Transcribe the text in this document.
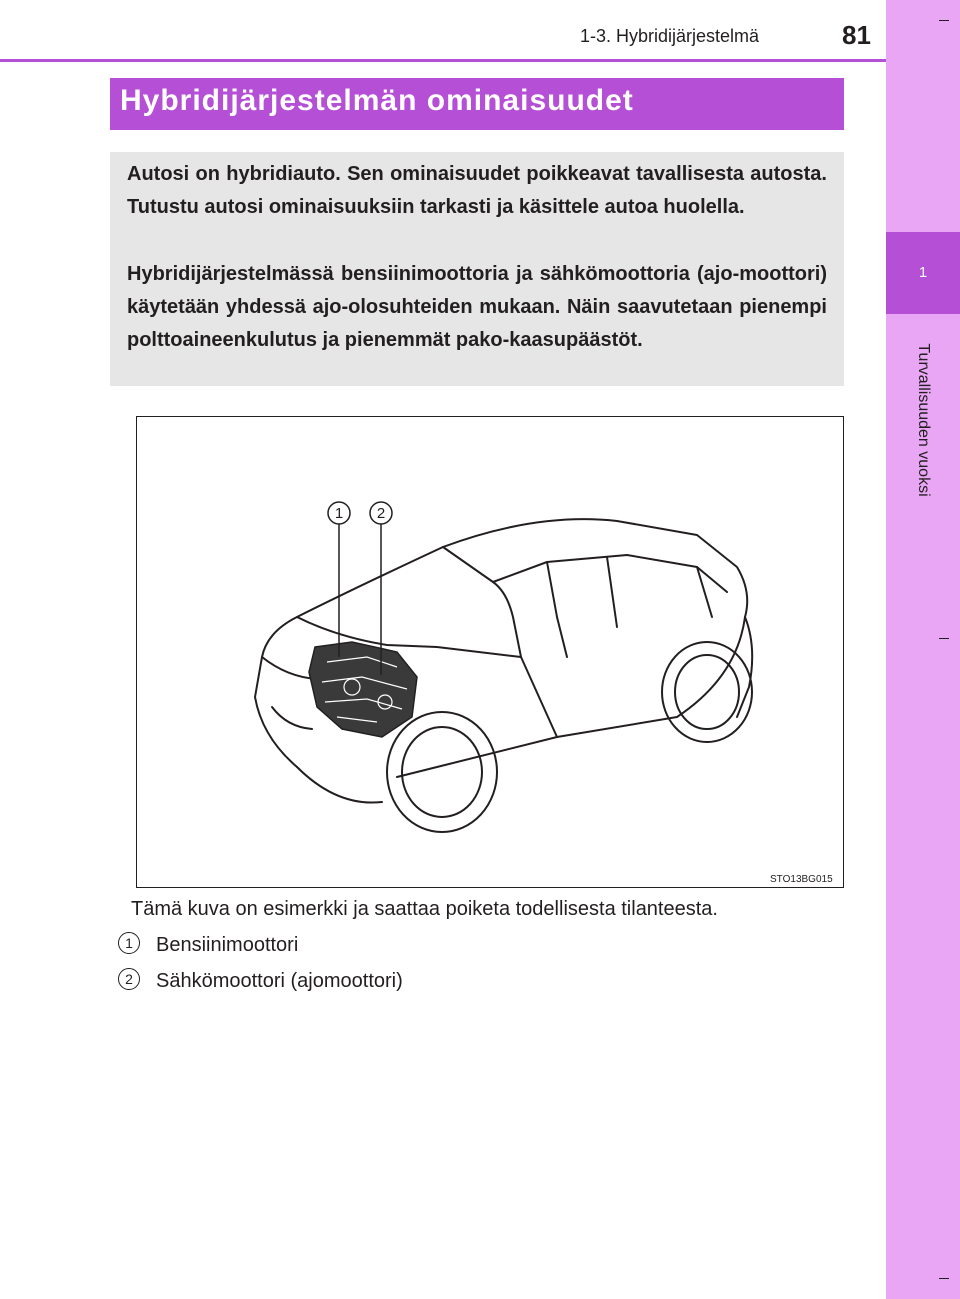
1
Turvallisuuden vuoksi
1-3. Hybridijärjestelmä	81
Hybridijärjestelmän ominaisuudet

Autosi on hybridiauto. Sen ominaisuudet poikkeavat tavallisesta autosta. Tutustu autosi ominaisuuksiin tarkasti ja käsittele autoa huolella.

Hybridijärjestelmässä bensiinimoottoria ja sähkömoottoria (ajo-moottori) käytetään yhdessä ajo-olosuhteiden mukaan. Näin saavutetaan pienempi polttoaineenkulutus ja pienemmät pako-kaasupäästöt.

1 2
STO13BG015
Tämä kuva on esimerkki ja saattaa poiketa todellisesta tilanteesta.
1	Bensiinimoottori
2	Sähkömoottori (ajomoottori)
